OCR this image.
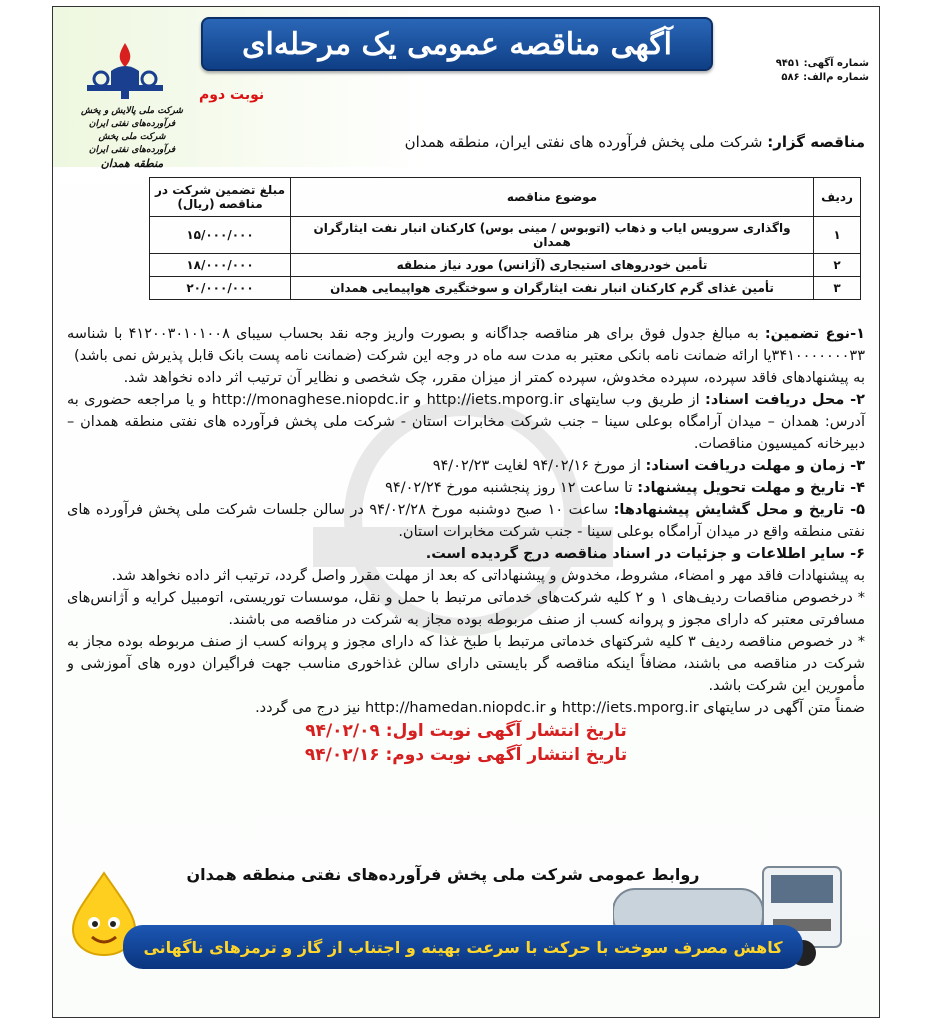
آگهی مناقصه عمومی یک مرحله‌ای
شماره آگهی: ۹۴۵۱
شماره م‌الف: ۵۸۶
شرکت ملی پالایش و پخش فرآورده‌های نفتی ایران
شرکت ملی پخش فرآورده‌های نفتی ایران
منطقه همدان
نوبت دوم
مناقصه گزار: شرکت ملی پخش فرآورده های نفتی ایران، منطقه همدان
ردیف	موضوع مناقصه	مبلغ تضمین شرکت در مناقصه (ریال)
۱	واگذاری سرویس ایاب و ذهاب (اتوبوس / مینی بوس) کارکنان انبار نفت ایثارگران همدان	۱۵/۰۰۰/۰۰۰
۲	تأمین خودروهای استیجاری (آژانس) مورد نیاز منطقه	۱۸/۰۰۰/۰۰۰
۳	تأمین غذای گرم کارکنان انبار نفت ایثارگران و سوختگیری هواپیمایی همدان	۲۰/۰۰۰/۰۰۰

۱-نوع تضمین: به مبالغ جدول فوق برای هر مناقصه جداگانه و بصورت واریز وجه نقد بحساب سیبای ۴۱۲۰۰۳۰۱۰۱۰۰۸ با شناسه ۳۴۱۰۰۰۰۰۰۰۳۳یا ارائه ضمانت نامه بانکی معتبر به مدت سه ماه در وجه این شرکت (ضمانت نامه پست بانک قابل پذیرش نمی باشد)

به پیشنهادهای فاقد سپرده، سپرده مخدوش، سپرده کمتر از میزان مقرر، چک شخصی و نظایر آن ترتیب اثر داده نخواهد شد.

۲- محل دریافت اسناد: از طریق وب سایتهای http://iets.mporg.ir و http://monaghese.niopdc.ir و یا مراجعه حضوری به آدرس: همدان – میدان آرامگاه بوعلی سینا – جنب شرکت مخابرات استان - شرکت ملی پخش فرآورده های نفتی منطقه همدان – دبیرخانه کمیسیون مناقصات.

۳- زمان و مهلت دریافت اسناد: از مورخ ۹۴/۰۲/۱۶ لغایت ۹۴/۰۲/۲۳

۴- تاریخ و مهلت تحویل پیشنهاد: تا ساعت ۱۲ روز پنجشنبه مورخ ۹۴/۰۲/۲۴

۵- تاریخ و محل گشایش پیشنهادها: ساعت ۱۰ صبح دوشنبه مورخ ۹۴/۰۲/۲۸ در سالن جلسات شرکت ملی پخش فرآورده های نفتی منطقه واقع در میدان آرامگاه بوعلی سینا - جنب شرکت مخابرات استان.

۶- سایر اطلاعات و جزئیات در اسناد مناقصه درج گردیده است.

به پیشنهادات فاقد مهر و امضاء، مشروط، مخدوش و پیشنهاداتی که بعد از مهلت مقرر واصل گردد، ترتیب اثر داده نخواهد شد.

* درخصوص مناقصات ردیف‌های ۱ و ۲ کلیه شرکت‌های خدماتی مرتبط با حمل و نقل، موسسات توریستی، اتومبیل کرایه و آژانس‌های مسافرتی معتبر که دارای مجوز و پروانه کسب از صنف مربوطه بوده مجاز به شرکت در مناقصه می باشند.

* در خصوص مناقصه ردیف ۳ کلیه شرکتهای خدماتی مرتبط با طبخ غذا که دارای مجوز و پروانه کسب از صنف مربوطه بوده مجاز به شرکت در مناقصه می باشند، مضافاً اینکه مناقصه گر بایستی دارای سالن غذاخوری مناسب جهت فراگیران دوره های آموزشی و مأمورین این شرکت باشد.

ضمناً متن آگهی در سایتهای http://iets.mporg.ir و http://hamedan.niopdc.ir نیز درج می گردد.

تاریخ انتشار آگهی نوبت اول: ۹۴/۰۲/۰۹

تاریخ انتشار آگهی نوبت دوم: ۹۴/۰۲/۱۶

روابط عمومی شرکت ملی پخش فرآورده‌های نفتی منطقه همدان
کاهش مصرف سوخت با حرکت با سرعت بهینه و اجتناب از گاز و ترمزهای ناگهانی
